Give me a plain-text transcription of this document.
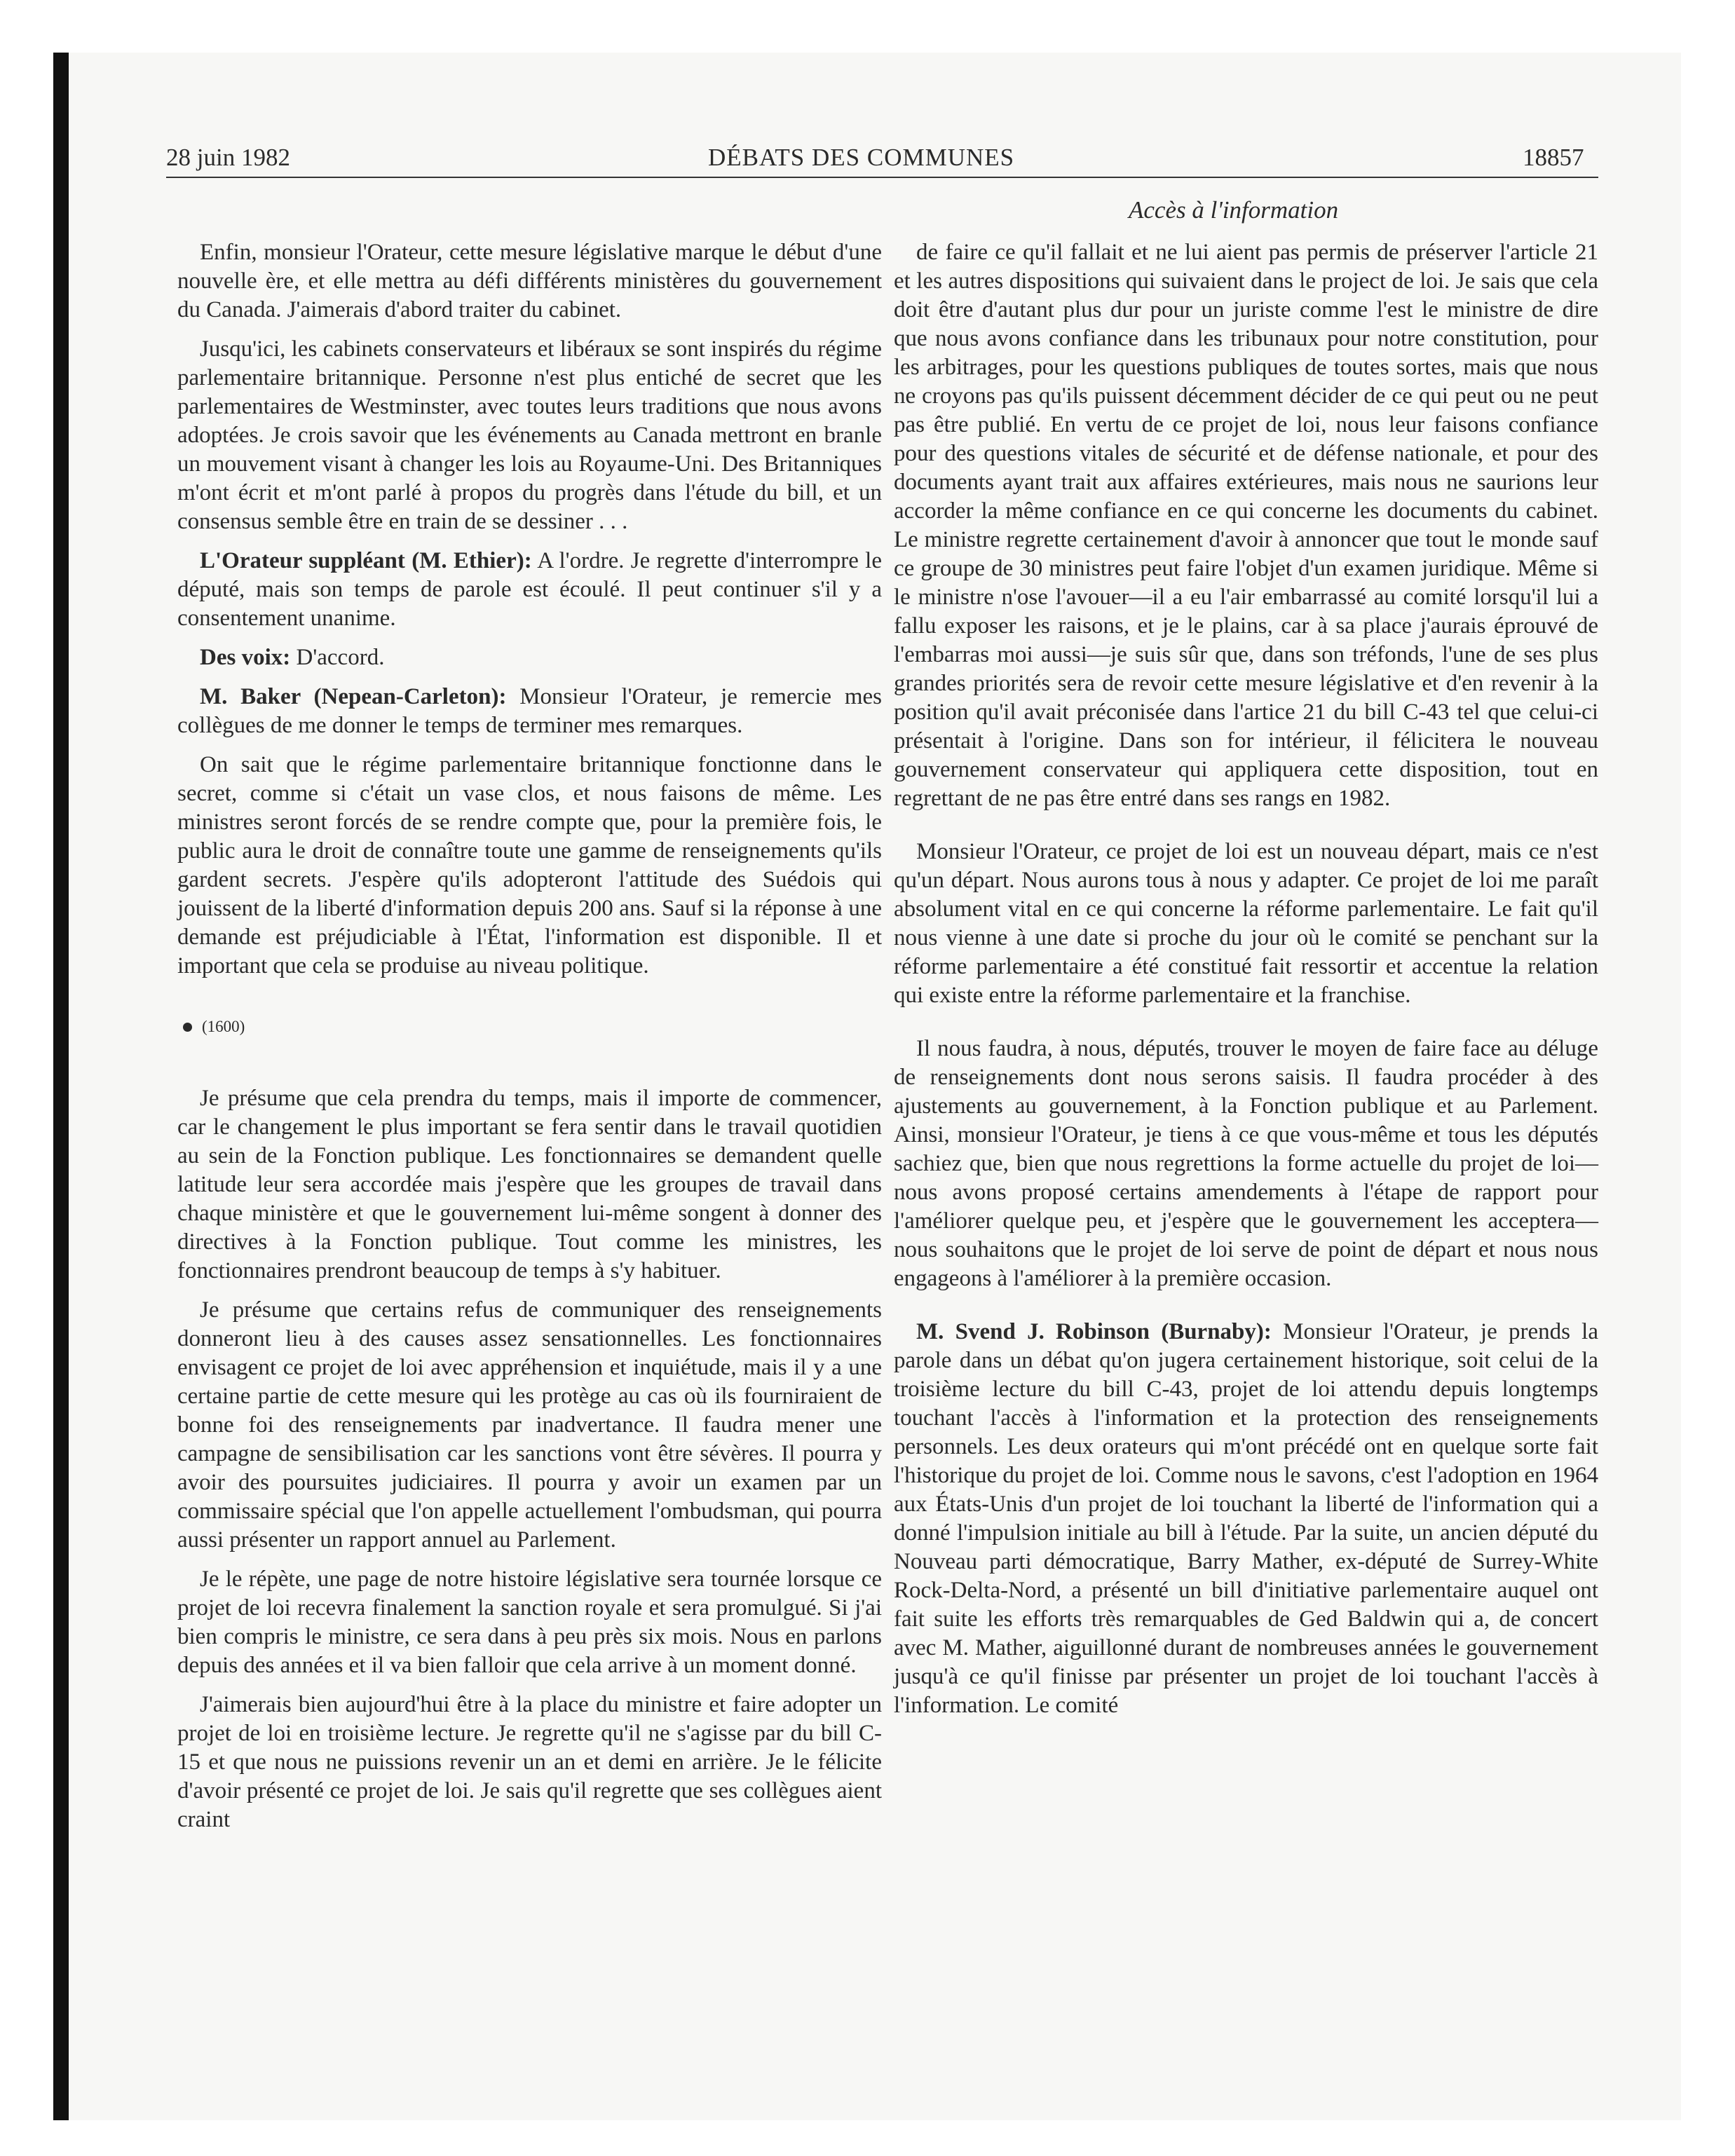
28 juin 1982	DÉBATS DES COMMUNES	18857
Accès à l'information

Enfin, monsieur l'Orateur, cette mesure législative marque le début d'une nouvelle ère, et elle mettra au défi différents ministères du gouvernement du Canada. J'aimerais d'abord traiter du cabinet.

Jusqu'ici, les cabinets conservateurs et libéraux se sont inspirés du régime parlementaire britannique. Personne n'est plus entiché de secret que les parlementaires de Westminster, avec toutes leurs traditions que nous avons adoptées. Je crois savoir que les événements au Canada mettront en branle un mouvement visant à changer les lois au Royaume-Uni. Des Britanniques m'ont écrit et m'ont parlé à propos du progrès dans l'étude du bill, et un consensus semble être en train de se dessiner . . .

L'Orateur suppléant (M. Ethier): A l'ordre. Je regrette d'interrompre le député, mais son temps de parole est écoulé. Il peut continuer s'il y a consentement unanime.

Des voix: D'accord.

M. Baker (Nepean-Carleton): Monsieur l'Orateur, je remercie mes collègues de me donner le temps de terminer mes remarques.

On sait que le régime parlementaire britannique fonctionne dans le secret, comme si c'était un vase clos, et nous faisons de même. Les ministres seront forcés de se rendre compte que, pour la première fois, le public aura le droit de connaître toute une gamme de renseignements qu'ils gardent secrets. J'espère qu'ils adopteront l'attitude des Suédois qui jouissent de la liberté d'information depuis 200 ans. Sauf si la réponse à une demande est préjudiciable à l'État, l'information est disponible. Il et important que cela se produise au niveau politique.

(1600)

Je présume que cela prendra du temps, mais il importe de commencer, car le changement le plus important se fera sentir dans le travail quotidien au sein de la Fonction publique. Les fonctionnaires se demandent quelle latitude leur sera accordée mais j'espère que les groupes de travail dans chaque ministère et que le gouvernement lui-même songent à donner des directives à la Fonction publique. Tout comme les ministres, les fonctionnaires prendront beaucoup de temps à s'y habituer.

Je présume que certains refus de communiquer des renseignements donneront lieu à des causes assez sensationnelles. Les fonctionnaires envisagent ce projet de loi avec appréhension et inquiétude, mais il y a une certaine partie de cette mesure qui les protège au cas où ils fourniraient de bonne foi des renseignements par inadvertance. Il faudra mener une campagne de sensibilisation car les sanctions vont être sévères. Il pourra y avoir des poursuites judiciaires. Il pourra y avoir un examen par un commissaire spécial que l'on appelle actuellement l'ombudsman, qui pourra aussi présenter un rapport annuel au Parlement.

Je le répète, une page de notre histoire législative sera tournée lorsque ce projet de loi recevra finalement la sanction royale et sera promulgué. Si j'ai bien compris le ministre, ce sera dans à peu près six mois. Nous en parlons depuis des années et il va bien falloir que cela arrive à un moment donné.

J'aimerais bien aujourd'hui être à la place du ministre et faire adopter un projet de loi en troisième lecture. Je regrette qu'il ne s'agisse par du bill C-15 et que nous ne puissions revenir un an et demi en arrière. Je le félicite d'avoir présenté ce projet de loi. Je sais qu'il regrette que ses collègues aient craint

de faire ce qu'il fallait et ne lui aient pas permis de préserver l'article 21 et les autres dispositions qui suivaient dans le project de loi. Je sais que cela doit être d'autant plus dur pour un juriste comme l'est le ministre de dire que nous avons confiance dans les tribunaux pour notre constitution, pour les arbitrages, pour les questions publiques de toutes sortes, mais que nous ne croyons pas qu'ils puissent décemment décider de ce qui peut ou ne peut pas être publié. En vertu de ce projet de loi, nous leur faisons confiance pour des questions vitales de sécurité et de défense nationale, et pour des documents ayant trait aux affaires extérieures, mais nous ne saurions leur accorder la même confiance en ce qui concerne les documents du cabinet. Le ministre regrette certainement d'avoir à annoncer que tout le monde sauf ce groupe de 30 ministres peut faire l'objet d'un examen juridique. Même si le ministre n'ose l'avouer—il a eu l'air embarrassé au comité lorsqu'il lui a fallu exposer les raisons, et je le plains, car à sa place j'aurais éprouvé de l'embarras moi aussi—je suis sûr que, dans son tréfonds, l'une de ses plus grandes priorités sera de revoir cette mesure législative et d'en revenir à la position qu'il avait préconisée dans l'artice 21 du bill C-43 tel que celui-ci présentait à l'origine. Dans son for intérieur, il félicitera le nouveau gouvernement conservateur qui appliquera cette disposition, tout en regrettant de ne pas être entré dans ses rangs en 1982.

Monsieur l'Orateur, ce projet de loi est un nouveau départ, mais ce n'est qu'un départ. Nous aurons tous à nous y adapter. Ce projet de loi me paraît absolument vital en ce qui concerne la réforme parlementaire. Le fait qu'il nous vienne à une date si proche du jour où le comité se penchant sur la réforme parlementaire a été constitué fait ressortir et accentue la relation qui existe entre la réforme parlementaire et la franchise.

Il nous faudra, à nous, députés, trouver le moyen de faire face au déluge de renseignements dont nous serons saisis. Il faudra procéder à des ajustements au gouvernement, à la Fonction publique et au Parlement. Ainsi, monsieur l'Orateur, je tiens à ce que vous-même et tous les députés sachiez que, bien que nous regrettions la forme actuelle du projet de loi—nous avons proposé certains amendements à l'étape de rapport pour l'améliorer quelque peu, et j'espère que le gouvernement les acceptera—nous souhaitons que le projet de loi serve de point de départ et nous nous engageons à l'améliorer à la première occasion.

M. Svend J. Robinson (Burnaby): Monsieur l'Orateur, je prends la parole dans un débat qu'on jugera certainement historique, soit celui de la troisième lecture du bill C-43, projet de loi attendu depuis longtemps touchant l'accès à l'information et la protection des renseignements personnels. Les deux orateurs qui m'ont précédé ont en quelque sorte fait l'historique du projet de loi. Comme nous le savons, c'est l'adoption en 1964 aux États-Unis d'un projet de loi touchant la liberté de l'information qui a donné l'impulsion initiale au bill à l'étude. Par la suite, un ancien député du Nouveau parti démocratique, Barry Mather, ex-député de Surrey-White Rock-Delta-Nord, a présenté un bill d'initiative parlementaire auquel ont fait suite les efforts très remarquables de Ged Baldwin qui a, de concert avec M. Mather, aiguillonné durant de nombreuses années le gouvernement jusqu'à ce qu'il finisse par présenter un projet de loi touchant l'accès à l'information. Le comité
